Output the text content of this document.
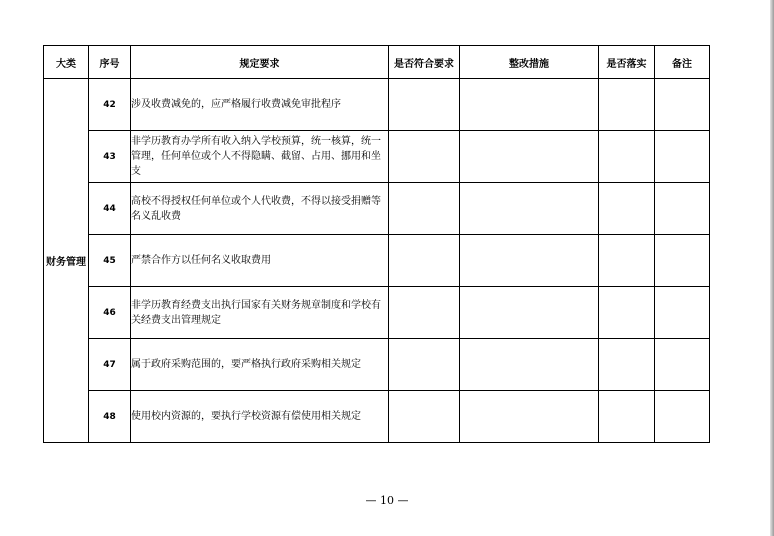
大类	序号	规定要求	是否符合要求	整改措施	是否落实	备注
财务管理	42	涉及收费减免的，应严格履行收费减免审批程序				
	43	非学历教育办学所有收入纳入学校预算，统一核算，统一管理，任何单位或个人不得隐瞒、截留、占用、挪用和坐支				
	44	高校不得授权任何单位或个人代收费，不得以接受捐赠等名义乱收费				
	45	严禁合作方以任何名义收取费用				
	46	非学历教育经费支出执行国家有关财务规章制度和学校有关经费支出管理规定				
	47	属于政府采购范围的，要严格执行政府采购相关规定				
	48	使用校内资源的，要执行学校资源有偿使用相关规定				
— 10 —
